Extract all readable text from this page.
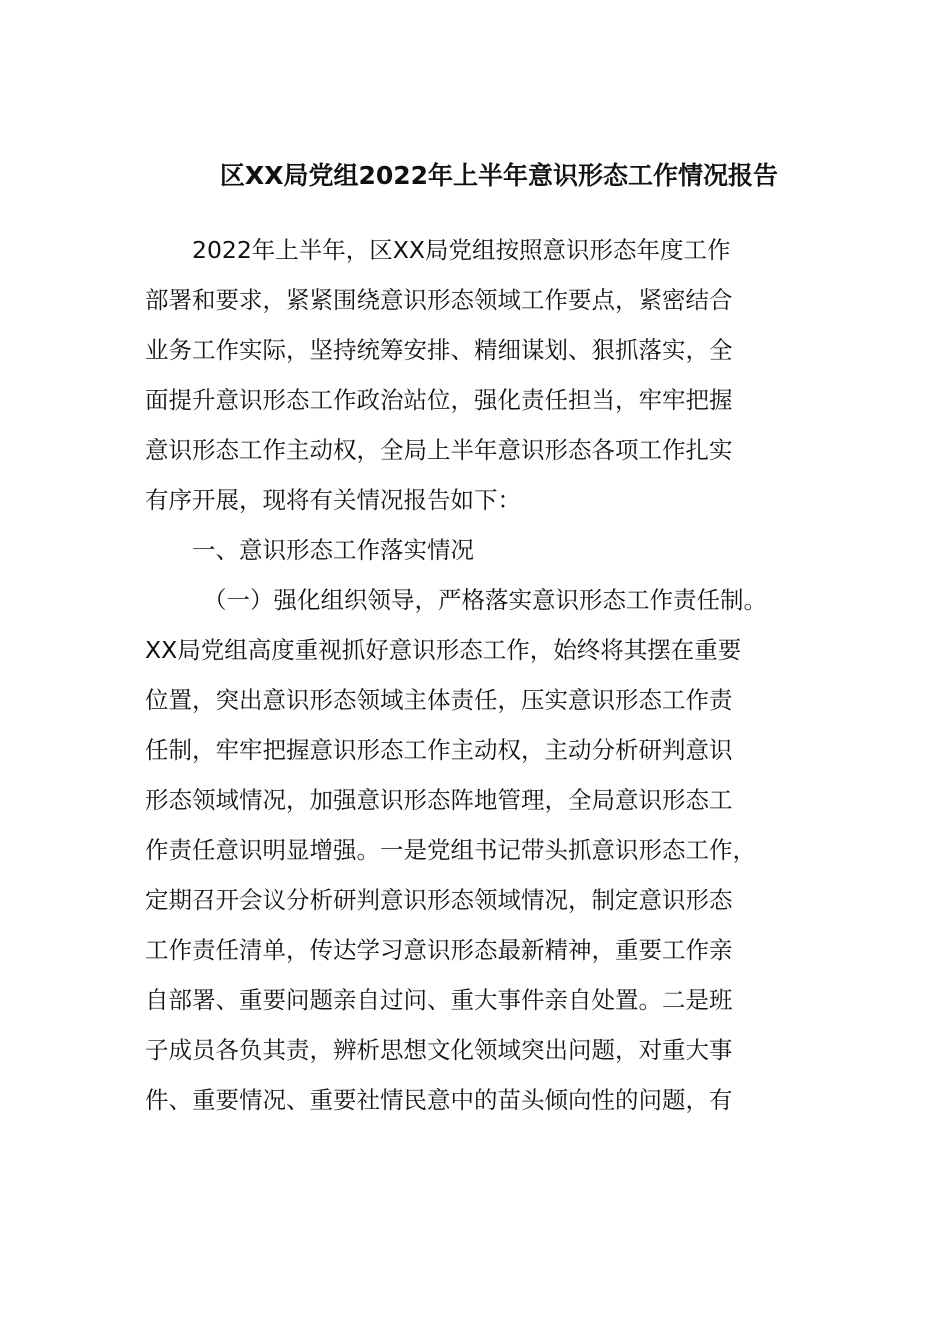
区XX局党组2022年上半年意识形态工作情况报告
2022年上半年，区XX局党组按照意识形态年度工作
部署和要求，紧紧围绕意识形态领域工作要点，紧密结合
业务工作实际，坚持统筹安排、精细谋划、狠抓落实，全
面提升意识形态工作政治站位，强化责任担当，牢牢把握
意识形态工作主动权，全局上半年意识形态各项工作扎实
有序开展，现将有关情况报告如下：
一、意识形态工作落实情况
（一）强化组织领导，严格落实意识形态工作责任制。
XX局党组高度重视抓好意识形态工作，始终将其摆在重要
位置，突出意识形态领域主体责任，压实意识形态工作责
任制，牢牢把握意识形态工作主动权，主动分析研判意识
形态领域情况，加强意识形态阵地管理，全局意识形态工
作责任意识明显增强。一是党组书记带头抓意识形态工作，
定期召开会议分析研判意识形态领域情况，制定意识形态
工作责任清单，传达学习意识形态最新精神，重要工作亲
自部署、重要问题亲自过问、重大事件亲自处置。二是班
子成员各负其责，辨析思想文化领域突出问题，对重大事
件、重要情况、重要社情民意中的苗头倾向性的问题，有
